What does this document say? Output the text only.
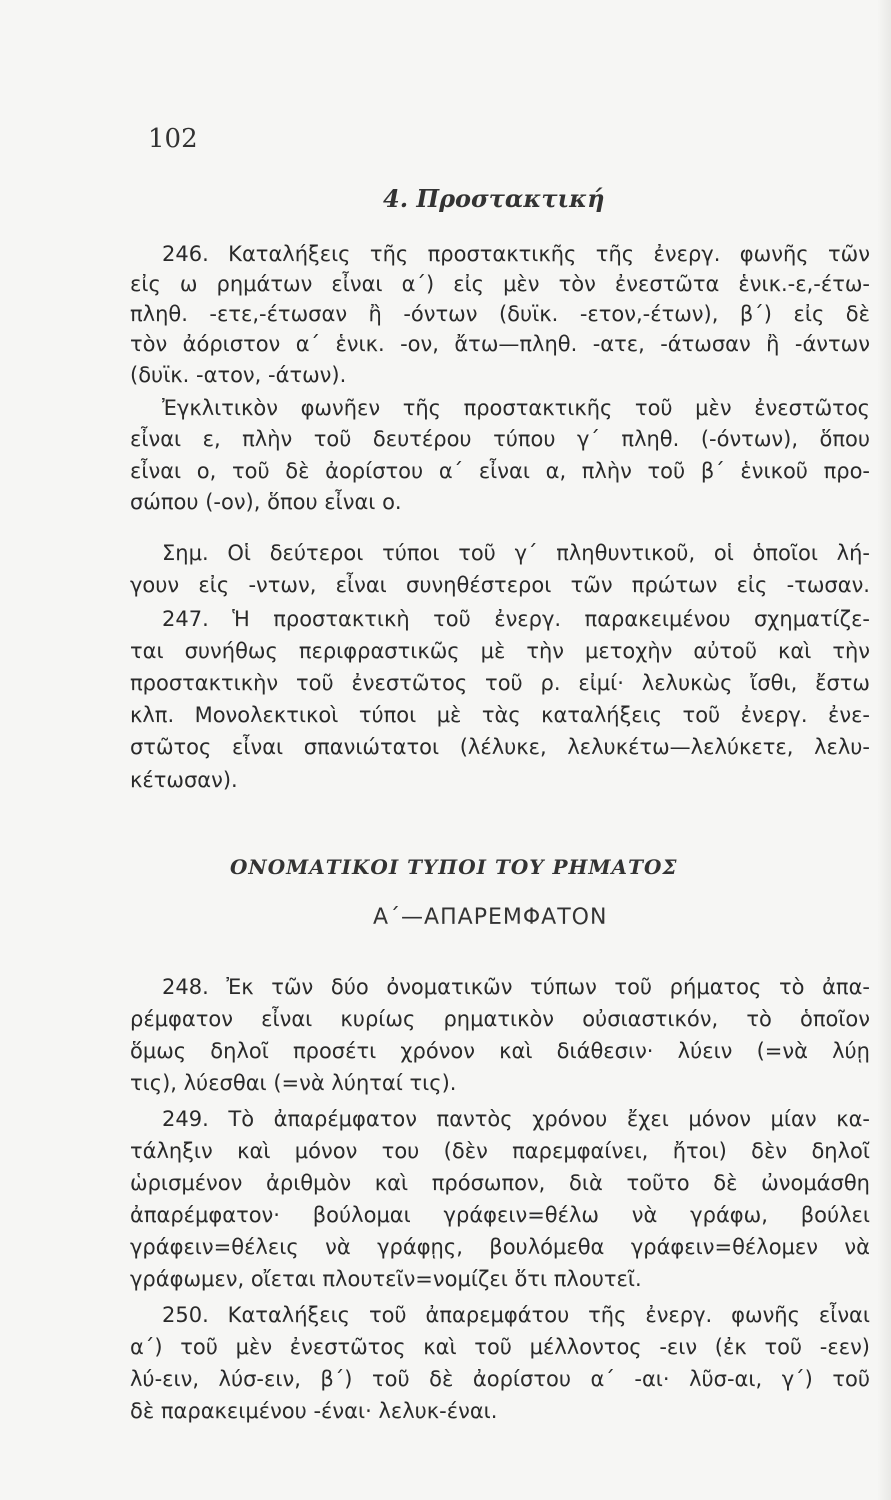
102
4. Προστακτική
246. Καταλήξεις τῆς προστακτικῆς τῆς ἐνεργ. φωνῆς τῶν
εἰς ω ρημάτων εἶναι α΄) εἰς μὲν τὸν ἐνεστῶτα ἑνικ.-ε,-έτω-
πληθ. -ετε,-έτωσαν ἢ -όντων (δυϊκ. -ετον,-έτων), β΄) εἰς δὲ
τὸν ἀόριστον α΄ ἑνικ. -ον, ἄτω—πληθ. -ατε, -άτωσαν ἢ -άντων
(δυϊκ. -ατον, -άτων).
Ἐγκλιτικὸν φωνῆεν τῆς προστακτικῆς τοῦ μὲν ἐνεστῶτος
εἶναι ε, πλὴν τοῦ δευτέρου τύπου γ΄ πληθ. (-όντων), ὅπου
εἶναι ο, τοῦ δὲ ἀορίστου α΄ εἶναι α, πλὴν τοῦ β΄ ἑνικοῦ προ-
σώπου (-ον), ὅπου εἶναι ο.
Σημ. Οἱ δεύτεροι τύποι τοῦ γ΄ πληθυντικοῦ, οἱ ὁποῖοι λή-
γουν εἰς -ντων, εἶναι συνηθέστεροι τῶν πρώτων εἰς -τωσαν.
247. Ἡ προστακτικὴ τοῦ ἐνεργ. παρακειμένου σχηματίζε-
ται συνήθως περιφραστικῶς μὲ τὴν μετοχὴν αὐτοῦ καὶ τὴν
προστακτικὴν τοῦ ἐνεστῶτος τοῦ ρ. εἰμί· λελυκὼς ἴσθι, ἔστω
κλπ. Μονολεκτικοὶ τύποι μὲ τὰς καταλήξεις τοῦ ἐνεργ. ἐνε-
στῶτος εἶναι σπανιώτατοι (λέλυκε, λελυκέτω—λελύκετε, λελυ-
κέτωσαν).
ΟΝΟΜΑΤΙΚΟΙ ΤΥΠΟΙ ΤΟΥ ΡΗΜΑΤΟΣ
Α΄—ΑΠΑΡΕΜΦΑΤΟΝ
248. Ἐκ τῶν δύο ὀνοματικῶν τύπων τοῦ ρήματος τὸ ἀπα-
ρέμφατον εἶναι κυρίως ρηματικὸν οὐσιαστικόν, τὸ ὁποῖον
ὅμως δηλοῖ προσέτι χρόνον καὶ διάθεσιν· λύειν (=νὰ λύῃ
τις), λύεσθαι (=νὰ λύηταί τις).
249. Τὸ ἀπαρέμφατον παντὸς χρόνου ἔχει μόνον μίαν κα-
τάληξιν καὶ μόνον του (δὲν παρεμφαίνει, ἤτοι) δὲν δηλοῖ
ὡρισμένον ἀριθμὸν καὶ πρόσωπον, διὰ τοῦτο δὲ ὠνομάσθη
ἀπαρέμφατον· βούλομαι γράφειν=θέλω νὰ γράφω, βούλει
γράφειν=θέλεις νὰ γράφῃς, βουλόμεθα γράφειν=θέλομεν νὰ
γράφωμεν, οἴεται πλουτεῖν=νομίζει ὅτι πλουτεῖ.
250. Καταλήξεις τοῦ ἀπαρεμφάτου τῆς ἐνεργ. φωνῆς εἶναι
α΄) τοῦ μὲν ἐνεστῶτος καὶ τοῦ μέλλοντος -ειν (ἐκ τοῦ -εεν)
λύ-ειν, λύσ-ειν, β΄) τοῦ δὲ ἀορίστου α΄ -αι· λῦσ-αι, γ΄) τοῦ
δὲ παρακειμένου -έναι· λελυκ-έναι.
